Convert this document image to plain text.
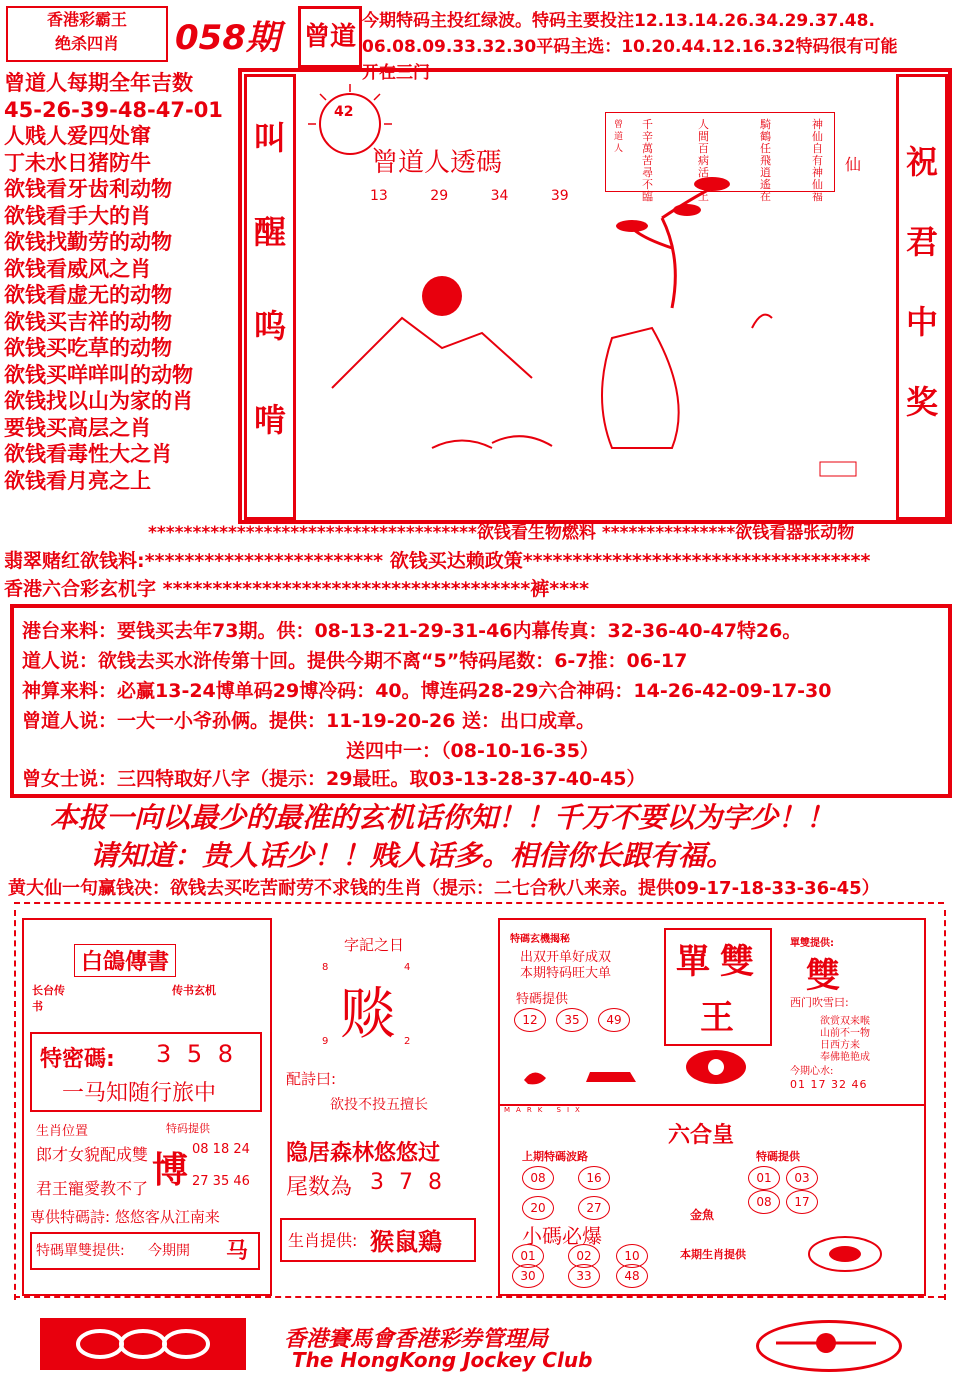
香港彩霸王
绝杀四肖	058期 曾道
今期特码主投红绿波。特码主要投注12.13.14.26.34.29.37.48.
06.08.09.33.32.30平码主选：10.20.44.12.16.32特码很有可能
开在三门
曾道人每期全年吉数
45-26-39-48-47-01
人贱人爱四处窜
丁未水日猪防牛
欲钱看牙齿利动物
欲钱看手大的肖
欲钱找勤劳的动物
欲钱看威风之肖
欲钱看虚无的动物
欲钱买吉祥的动物
欲钱买吃草的动物
欲钱买咩咩叫的动物
欲钱找以山为家的肖
要钱买高层之肖
欲钱看毒性大之肖
欲钱看月亮之上
叫
醒
呜
啃
祝
君
中
奖
42
曾道人透碼
13	29	34	39
神仙自有神仙福
騎鶴任飛逍遙在
人間百病活不上
千辛萬苦尋不臨
曾道人
仙
*************************************欲钱看生物燃料 ***************欲钱看器张动物
翡翠赌红欲钱料:************************ 欲钱买达赖政策***********************************
香港六合彩玄机字 *************************************裤****
港台来料：要钱买去年73期。供：08-13-21-29-31-46内幕传真：32-36-40-47特26。
道人说：欲钱去买水浒传第十回。提供今期不离“5”特码尾数：6-7推：06-17
神算来料：必赢13-24博单码29博冷码：40。博连码28-29六合神码：14-26-42-09-17-30
曾道人说：一大一小爷孙俩。提供：11-19-20-26 送：出口成章。
送四中一：（08-10-16-35）
曾女士说：三四特取好八字（提示：29最旺。取03-13-28-37-40-45）
本报一向以最少的最准的玄机话你知！！千万不要以为字少！！
请知道：贵人话少！！贱人话多。相信你长跟有福。
黄大仙一句赢钱决：欲钱去买吃苦耐劳不求钱的生肖（提示：二七合秋八来亲。提供09-17-18-33-36-45）
白鴿傳書
长台传书
传书玄机
特密碼: 3 5 8
一马知随行旅中
生肖位置
郎才女貌配成雙
君王寵愛教不了
特码提供
博
08 18 24
27 35 46
専供特碼詩: 悠悠客从江南来
特碼單雙提供: 今期開 马
字記之日
8	4
赕
9	2
配詩曰:
欲投不投五擅长
隐居森林悠悠过
尾数為 3 7 8
生肖提供: 猴鼠鶏
特碼玄機揭秘
出双开单好成双
本期特码旺大单
特碼提供
12	35	49
單 雙
王
單雙提供:
雙
西门吹雪曰:
欲赏双来喉
山前不一物
日西方来
奉佛艳艳成
今期心水:
01 17 32 46
MARK SIX
六合皇
上期特碼波路
08	16
20	27
特碼提供
01	03
08	17
金魚
小碼必爆
01	02	10
30	33	48
本期生肖提供
香港賽馬會香港彩券管理局
The HongKong Jockey Club
